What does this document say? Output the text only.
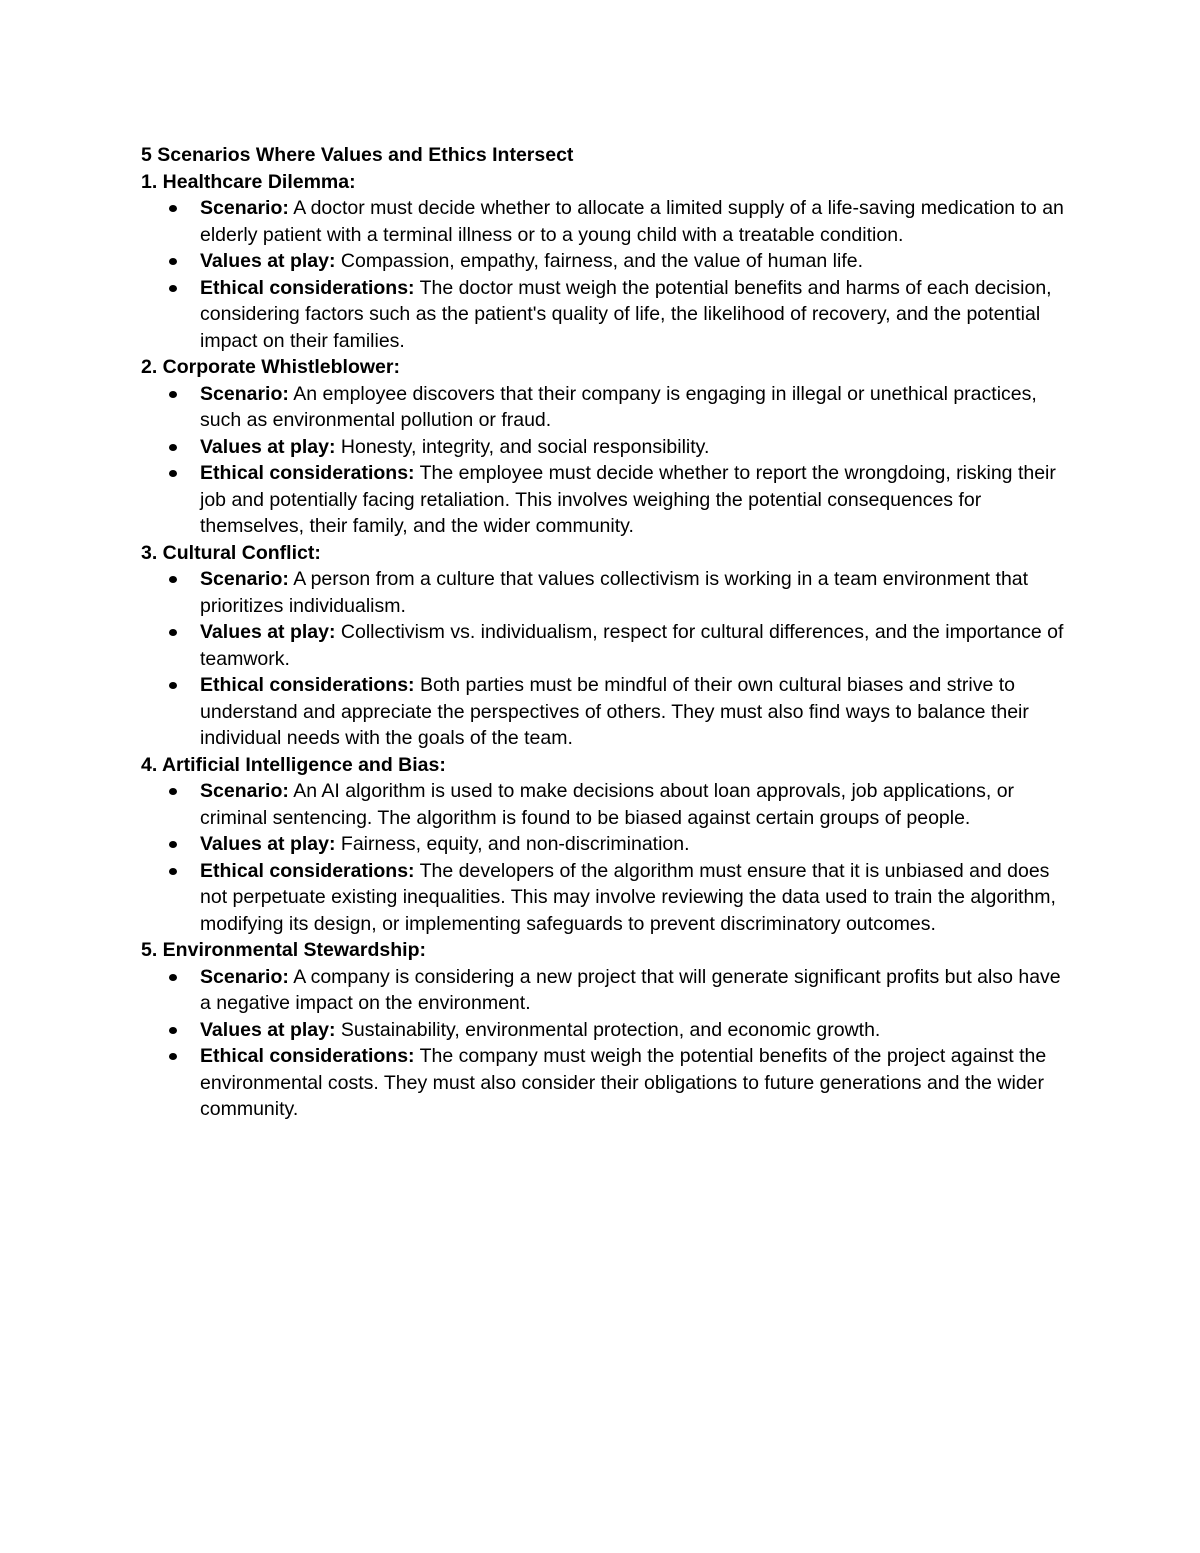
5 Scenarios Where Values and Ethics Intersect
1. Healthcare Dilemma:
Scenario: A doctor must decide whether to allocate a limited supply of a life-saving medication to an elderly patient with a terminal illness or to a young child with a treatable condition.
Values at play: Compassion, empathy, fairness, and the value of human life.
Ethical considerations: The doctor must weigh the potential benefits and harms of each decision, considering factors such as the patient's quality of life, the likelihood of recovery, and the potential impact on their families.
2. Corporate Whistleblower:
Scenario: An employee discovers that their company is engaging in illegal or unethical practices, such as environmental pollution or fraud.
Values at play: Honesty, integrity, and social responsibility.
Ethical considerations: The employee must decide whether to report the wrongdoing, risking their job and potentially facing retaliation. This involves weighing the potential consequences for themselves, their family, and the wider community.
3. Cultural Conflict:
Scenario: A person from a culture that values collectivism is working in a team environment that prioritizes individualism.
Values at play: Collectivism vs. individualism, respect for cultural differences, and the importance of teamwork.
Ethical considerations: Both parties must be mindful of their own cultural biases and strive to understand and appreciate the perspectives of others. They must also find ways to balance their individual needs with the goals of the team.
4. Artificial Intelligence and Bias:
Scenario: An AI algorithm is used to make decisions about loan approvals, job applications, or criminal sentencing. The algorithm is found to be biased against certain groups of people.
Values at play: Fairness, equity, and non-discrimination.
Ethical considerations: The developers of the algorithm must ensure that it is unbiased and does not perpetuate existing inequalities. This may involve reviewing the data used to train the algorithm, modifying its design, or implementing safeguards to prevent discriminatory outcomes.
5. Environmental Stewardship:
Scenario: A company is considering a new project that will generate significant profits but also have a negative impact on the environment.
Values at play: Sustainability, environmental protection, and economic growth.
Ethical considerations: The company must weigh the potential benefits of the project against the environmental costs. They must also consider their obligations to future generations and the wider community.
